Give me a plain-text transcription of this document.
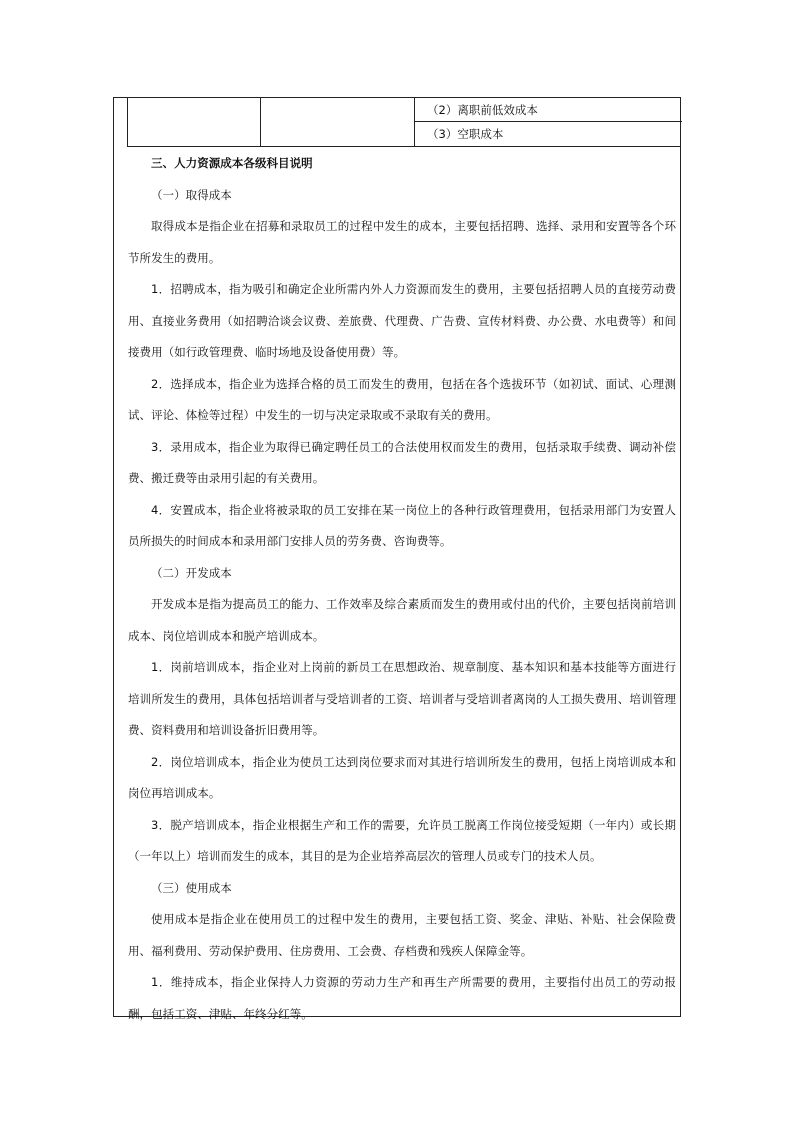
（2）离职前低效成本
（3）空职成本

三、人力资源成本各级科目说明

（一）取得成本

取得成本是指企业在招募和录取员工的过程中发生的成本，主要包括招聘、选择、录用和安置等各个环节所发生的费用。

1．招聘成本，指为吸引和确定企业所需内外人力资源而发生的费用，主要包括招聘人员的直接劳动费用、直接业务费用（如招聘洽谈会议费、差旅费、代理费、广告费、宣传材料费、办公费、水电费等）和间接费用（如行政管理费、临时场地及设备使用费）等。

2．选择成本，指企业为选择合格的员工而发生的费用，包括在各个选拔环节（如初试、面试、心理测试、评论、体检等过程）中发生的一切与决定录取或不录取有关的费用。

3．录用成本，指企业为取得已确定聘任员工的合法使用权而发生的费用，包括录取手续费、调动补偿费、搬迁费等由录用引起的有关费用。

4．安置成本，指企业将被录取的员工安排在某一岗位上的各种行政管理费用，包括录用部门为安置人员所损失的时间成本和录用部门安排人员的劳务费、咨询费等。

（二）开发成本

开发成本是指为提高员工的能力、工作效率及综合素质而发生的费用或付出的代价，主要包括岗前培训成本、岗位培训成本和脱产培训成本。

1．岗前培训成本，指企业对上岗前的新员工在思想政治、规章制度、基本知识和基本技能等方面进行培训所发生的费用，具体包括培训者与受培训者的工资、培训者与受培训者离岗的人工损失费用、培训管理费、资料费用和培训设备折旧费用等。

2．岗位培训成本，指企业为使员工达到岗位要求而对其进行培训所发生的费用，包括上岗培训成本和岗位再培训成本。

3．脱产培训成本，指企业根据生产和工作的需要，允许员工脱离工作岗位接受短期（一年内）或长期（一年以上）培训而发生的成本，其目的是为企业培养高层次的管理人员或专门的技术人员。

（三）使用成本

使用成本是指企业在使用员工的过程中发生的费用，主要包括工资、奖金、津贴、补贴、社会保险费用、福利费用、劳动保护费用、住房费用、工会费、存档费和残疾人保障金等。

1．维持成本，指企业保持人力资源的劳动力生产和再生产所需要的费用，主要指付出员工的劳动报酬，包括工资、津贴、年终分红等。
